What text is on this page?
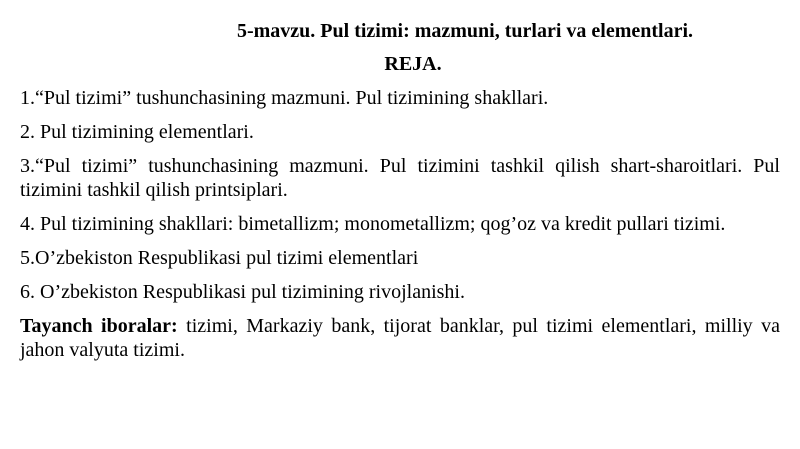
5-mavzu. Pul tizimi: mazmuni, turlari va elementlari.
REJA.
1.“Pul tizimi” tushunchasining mazmuni. Pul tizimining shakllari.
2. Pul tizimining elementlari.
3.“Pul tizimi” tushunchasining mazmuni. Pul tizimini tashkil qilish shart-sharoitlari. Pul tizimini tashkil qilish printsiplari.
4. Pul tizimining shakllari: bimetallizm; monometallizm; qog’oz va kredit pullari tizimi.
5.O’zbekiston Respublikasi pul tizimi elementlari
6. O’zbekiston Respublikasi pul tizimining rivojlanishi.
Tayanch iboralar: tizimi, Markaziy bank, tijorat banklar, pul tizimi elementlari, milliy va jahon valyuta tizimi.
